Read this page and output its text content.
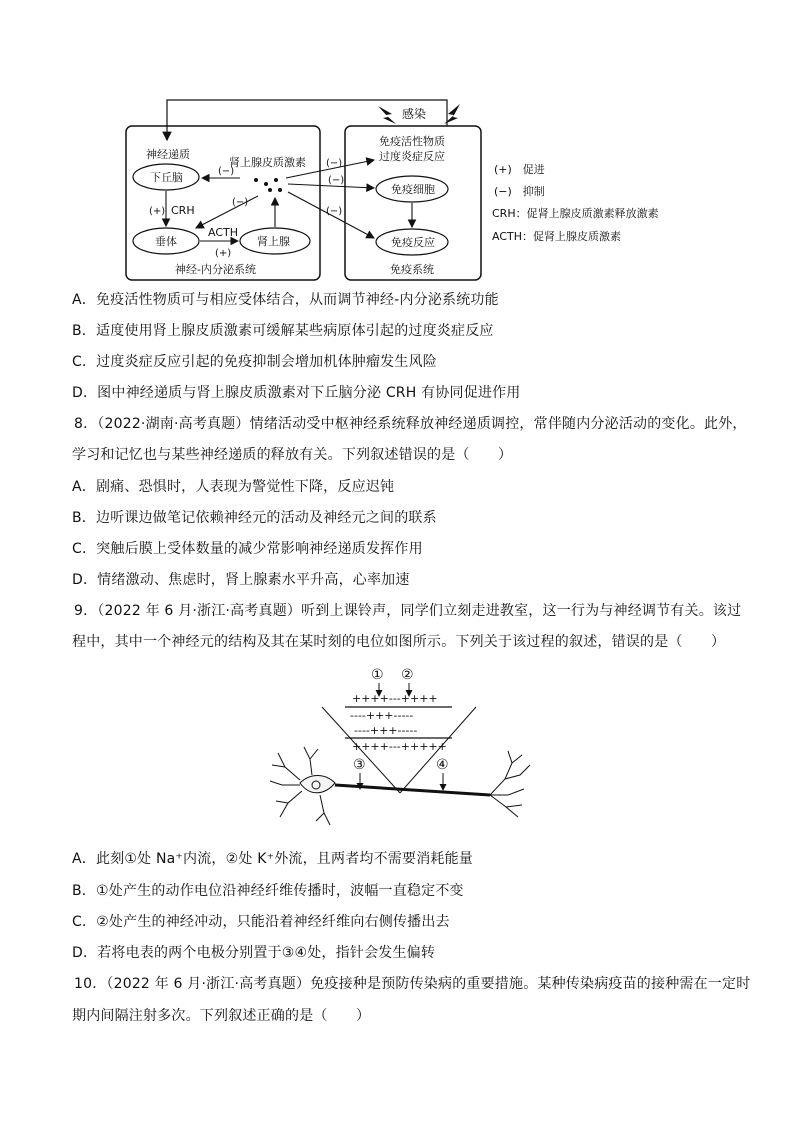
感染
神经递质
下丘脑
垂体	肾上腺
肾上腺皮质激素
CRH
(+)
ACTH
(+)
免疫活性物质
过度炎症反应
免疫细胞
免疫反应
神经-内分泌系统	免疫系统
(−)
(−)
(−)
(−)
(−)
(+)　促进
(−)　抑制
CRH：促肾上腺皮质激素释放激素
ACTH：促肾上腺皮质激素
A．免疫活性物质可与相应受体结合，从而调节神经-内分泌系统功能
B．适度使用肾上腺皮质激素可缓解某些病原体引起的过度炎症反应
C．过度炎症反应引起的免疫抑制会增加机体肿瘤发生风险
D．图中神经递质与肾上腺皮质激素对下丘脑分泌 CRH 有协同促进作用
8．（2022·湖南·高考真题）情绪活动受中枢神经系统释放神经递质调控，常伴随内分泌活动的变化。此外，
学习和记忆也与某些神经递质的释放有关。下列叙述错误的是（　　）
A．剧痛、恐惧时，人表现为警觉性下降，反应迟钝
B．边听课边做笔记依赖神经元的活动及神经元之间的联系
C．突触后膜上受体数量的减少常影响神经递质发挥作用
D．情绪激动、焦虑时，肾上腺素水平升高，心率加速
9．（2022 年 6 月·浙江·高考真题）听到上课铃声，同学们立刻走进教室，这一行为与神经调节有关。该过
程中，其中一个神经元的结构及其在某时刻的电位如图所示。下列关于该过程的叙述，错误的是（　　）
① ②
++++---++++
----+++-----
----+++-----
++++---+++++
③	④
A．此刻①处 Na⁺内流，②处 K⁺外流，且两者均不需要消耗能量
B．①处产生的动作电位沿神经纤维传播时，波幅一直稳定不变
C．②处产生的神经冲动，只能沿着神经纤维向右侧传播出去
D．若将电表的两个电极分别置于③④处，指针会发生偏转
10．（2022 年 6 月·浙江·高考真题）免疫接种是预防传染病的重要措施。某种传染病疫苗的接种需在一定时
期内间隔注射多次。下列叙述正确的是（　　）
